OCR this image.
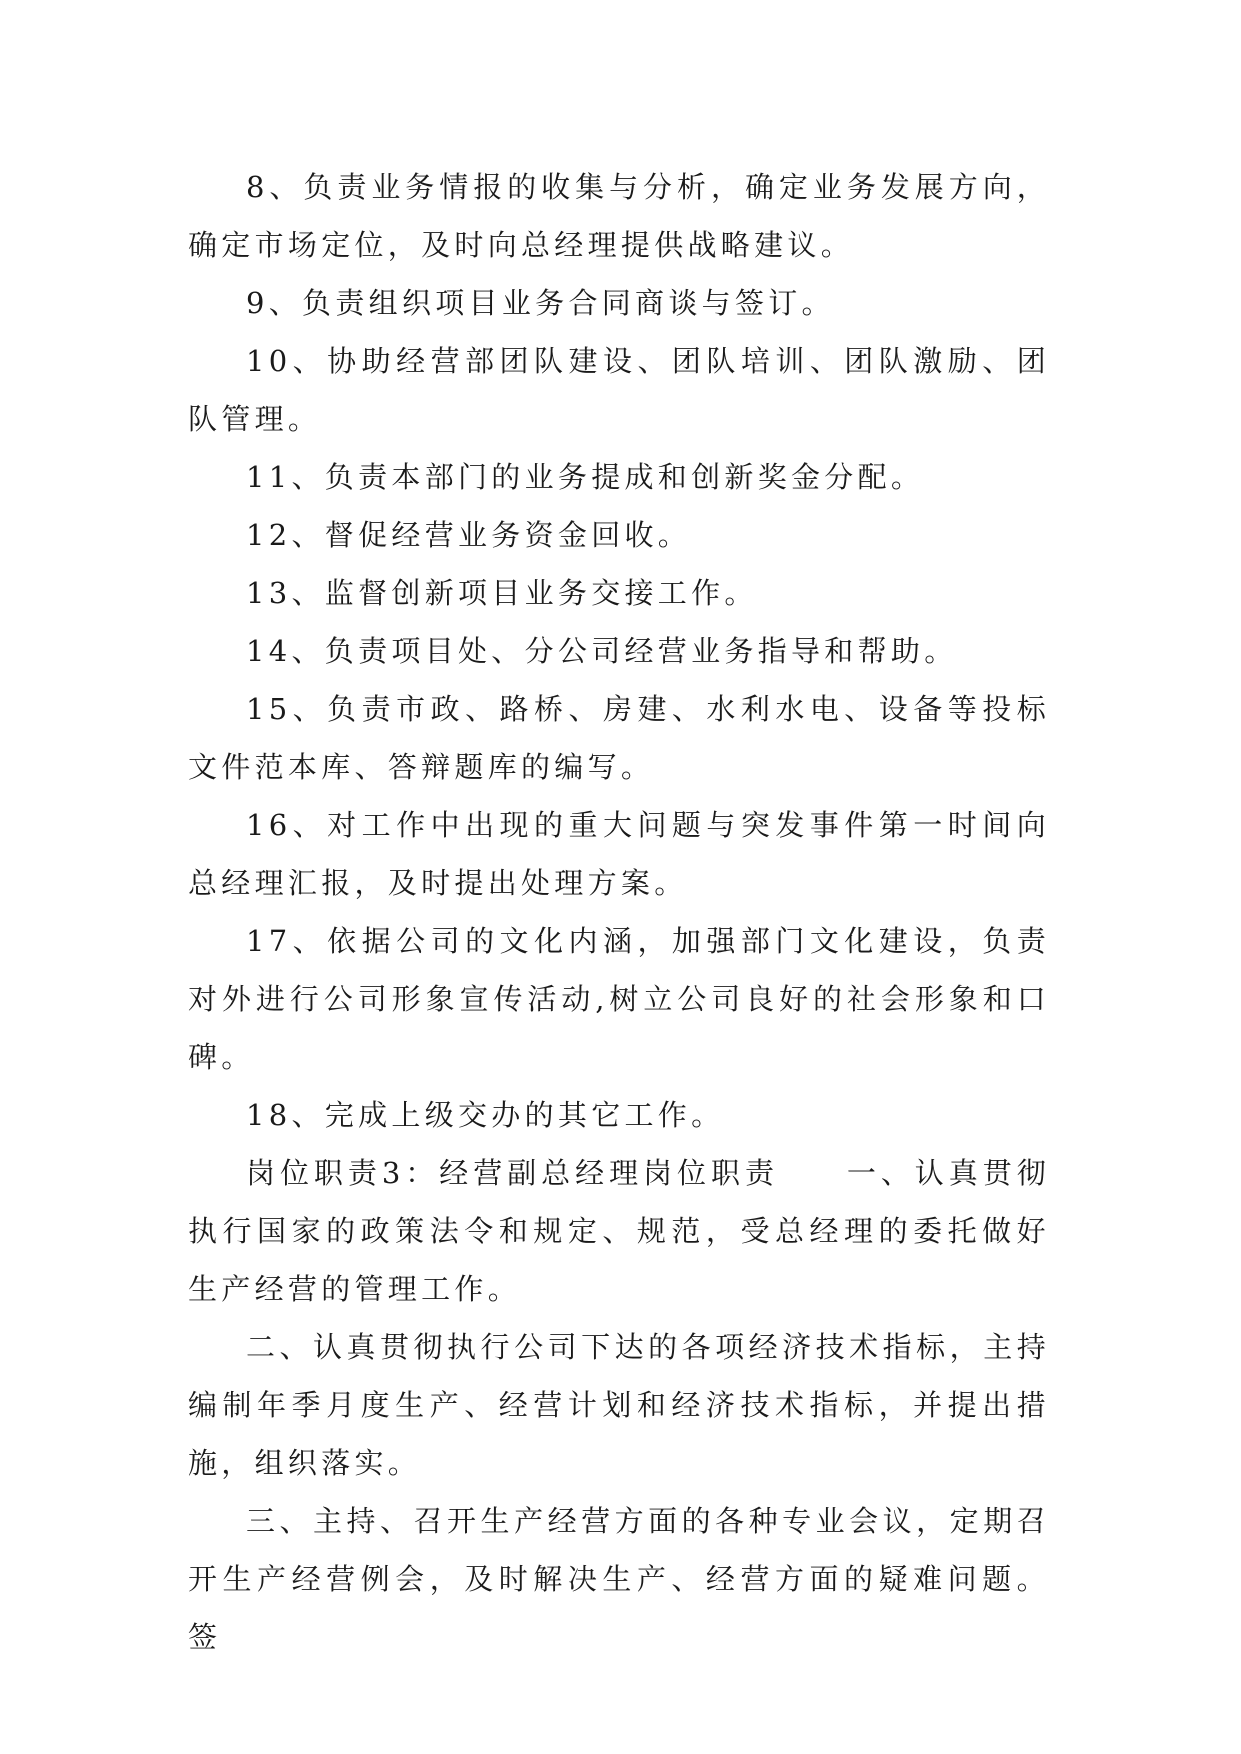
8、负责业务情报的收集与分析，确定业务发展方向，确定市场定位，及时向总经理提供战略建议。

9、负责组织项目业务合同商谈与签订。

10、协助经营部团队建设、团队培训、团队激励、团队管理。

11、负责本部门的业务提成和创新奖金分配。

12、督促经营业务资金回收。

13、监督创新项目业务交接工作。

14、负责项目处、分公司经营业务指导和帮助。

15、负责市政、路桥、房建、水利水电、设备等投标文件范本库、答辩题库的编写。

16、对工作中出现的重大问题与突发事件第一时间向总经理汇报，及时提出处理方案。

17、依据公司的文化内涵，加强部门文化建设，负责对外进行公司形象宣传活动,树立公司良好的社会形象和口碑。

18、完成上级交办的其它工作。

岗位职责3：经营副总经理岗位职责　　一、认真贯彻执行国家的政策法令和规定、规范，受总经理的委托做好生产经营的管理工作。

二、认真贯彻执行公司下达的各项经济技术指标，主持编制年季月度生产、经营计划和经济技术指标，并提出措施，组织落实。

三、主持、召开生产经营方面的各种专业会议，定期召开生产经营例会，及时解决生产、经营方面的疑难问题。签
